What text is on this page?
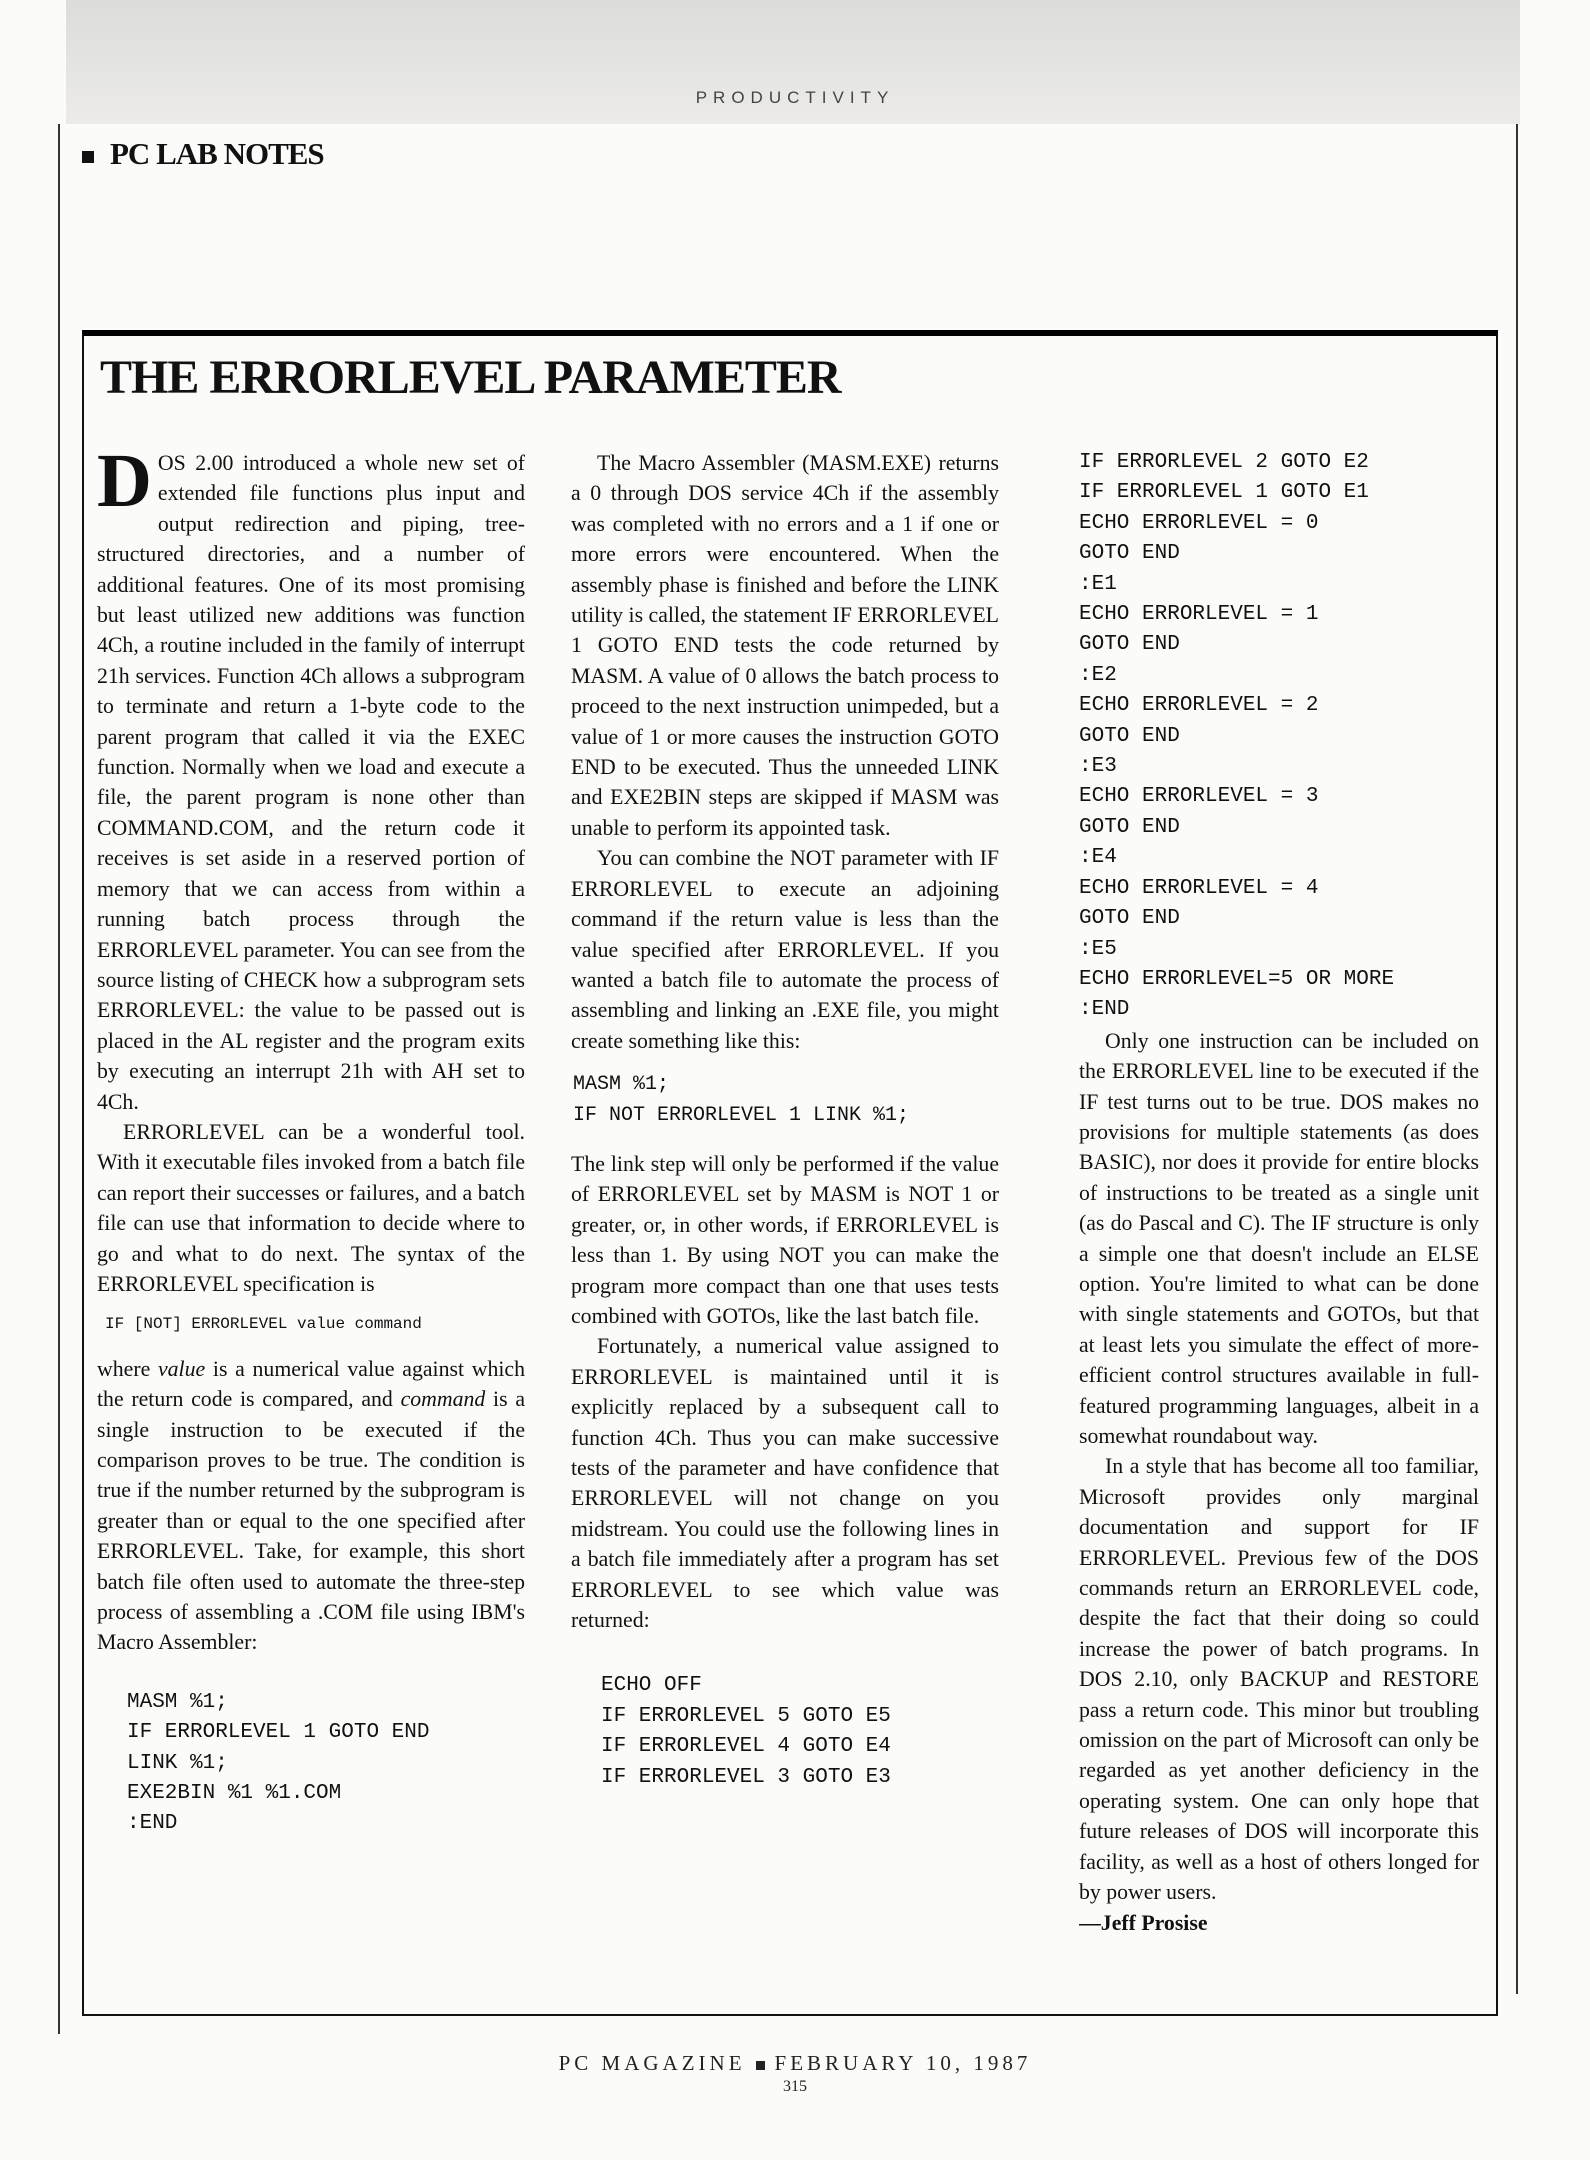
PRODUCTIVITY
PC LAB NOTES
THE ERRORLEVEL PARAMETER

DOS 2.00 introduced a whole new set of extended file functions plus input and output redirection and piping, tree-structured directories, and a number of additional features. One of its most promising but least utilized new additions was function 4Ch, a routine included in the family of interrupt 21h services. Function 4Ch allows a subprogram to terminate and return a 1-byte code to the parent program that called it via the EXEC function. Normally when we load and execute a file, the parent program is none other than COMMAND.COM, and the return code it receives is set aside in a reserved portion of memory that we can access from within a running batch process through the ERRORLEVEL parameter. You can see from the source listing of CHECK how a subprogram sets ERRORLEVEL: the value to be passed out is placed in the AL register and the program exits by executing an interrupt 21h with AH set to 4Ch.

ERRORLEVEL can be a wonderful tool. With it executable files invoked from a batch file can report their successes or failures, and a batch file can use that information to decide where to go and what to do next. The syntax of the ERRORLEVEL specification is

IF [NOT] ERRORLEVEL value command

where value is a numerical value against which the return code is compared, and command is a single instruction to be executed if the comparison proves to be true. The condition is true if the number returned by the subprogram is greater than or equal to the one specified after ERRORLEVEL. Take, for example, this short batch file often used to automate the three-step process of assembling a .COM file using IBM's Macro Assembler:

MASM %1;
IF ERRORLEVEL 1 GOTO END
LINK %1;
EXE2BIN %1 %1.COM
:END

The Macro Assembler (MASM.EXE) returns a 0 through DOS service 4Ch if the assembly was completed with no errors and a 1 if one or more errors were encountered. When the assembly phase is finished and before the LINK utility is called, the statement IF ERRORLEVEL 1 GOTO END tests the code returned by MASM. A value of 0 allows the batch process to proceed to the next instruction unimpeded, but a value of 1 or more causes the instruction GOTO END to be executed. Thus the unneeded LINK and EXE2BIN steps are skipped if MASM was unable to perform its appointed task.

You can combine the NOT parameter with IF ERRORLEVEL to execute an adjoining command if the return value is less than the value specified after ERRORLEVEL. If you wanted a batch file to automate the process of assembling and linking an .EXE file, you might create something like this:

MASM %1;
IF NOT ERRORLEVEL 1 LINK %1;

The link step will only be performed if the value of ERRORLEVEL set by MASM is NOT 1 or greater, or, in other words, if ERRORLEVEL is less than 1. By using NOT you can make the program more compact than one that uses tests combined with GOTOs, like the last batch file.

Fortunately, a numerical value assigned to ERRORLEVEL is maintained until it is explicitly replaced by a subsequent call to function 4Ch. Thus you can make successive tests of the parameter and have confidence that ERRORLEVEL will not change on you midstream. You could use the following lines in a batch file immediately after a program has set ERRORLEVEL to see which value was returned:

ECHO OFF
IF ERRORLEVEL 5 GOTO E5
IF ERRORLEVEL 4 GOTO E4
IF ERRORLEVEL 3 GOTO E3
IF ERRORLEVEL 2 GOTO E2
IF ERRORLEVEL 1 GOTO E1
ECHO ERRORLEVEL = 0
GOTO END
:E1
ECHO ERRORLEVEL = 1
GOTO END
:E2
ECHO ERRORLEVEL = 2
GOTO END
:E3
ECHO ERRORLEVEL = 3
GOTO END
:E4
ECHO ERRORLEVEL = 4
GOTO END
:E5
ECHO ERRORLEVEL=5 OR MORE
:END

Only one instruction can be included on the ERRORLEVEL line to be executed if the IF test turns out to be true. DOS makes no provisions for multiple statements (as does BASIC), nor does it provide for entire blocks of instructions to be treated as a single unit (as do Pascal and C). The IF structure is only a simple one that doesn't include an ELSE option. You're limited to what can be done with single statements and GOTOs, but that at least lets you simulate the effect of more-efficient control structures available in full-featured programming languages, albeit in a somewhat roundabout way.

In a style that has become all too familiar, Microsoft provides only marginal documentation and support for IF ERRORLEVEL. Previous few of the DOS commands return an ERRORLEVEL code, despite the fact that their doing so could increase the power of batch programs. In DOS 2.10, only BACKUP and RESTORE pass a return code. This minor but troubling omission on the part of Microsoft can only be regarded as yet another deficiency in the operating system. One can only hope that future releases of DOS will incorporate this facility, as well as a host of others longed for by power users.

—Jeff Prosise

PC MAGAZINE FEBRUARY 10, 1987
315
